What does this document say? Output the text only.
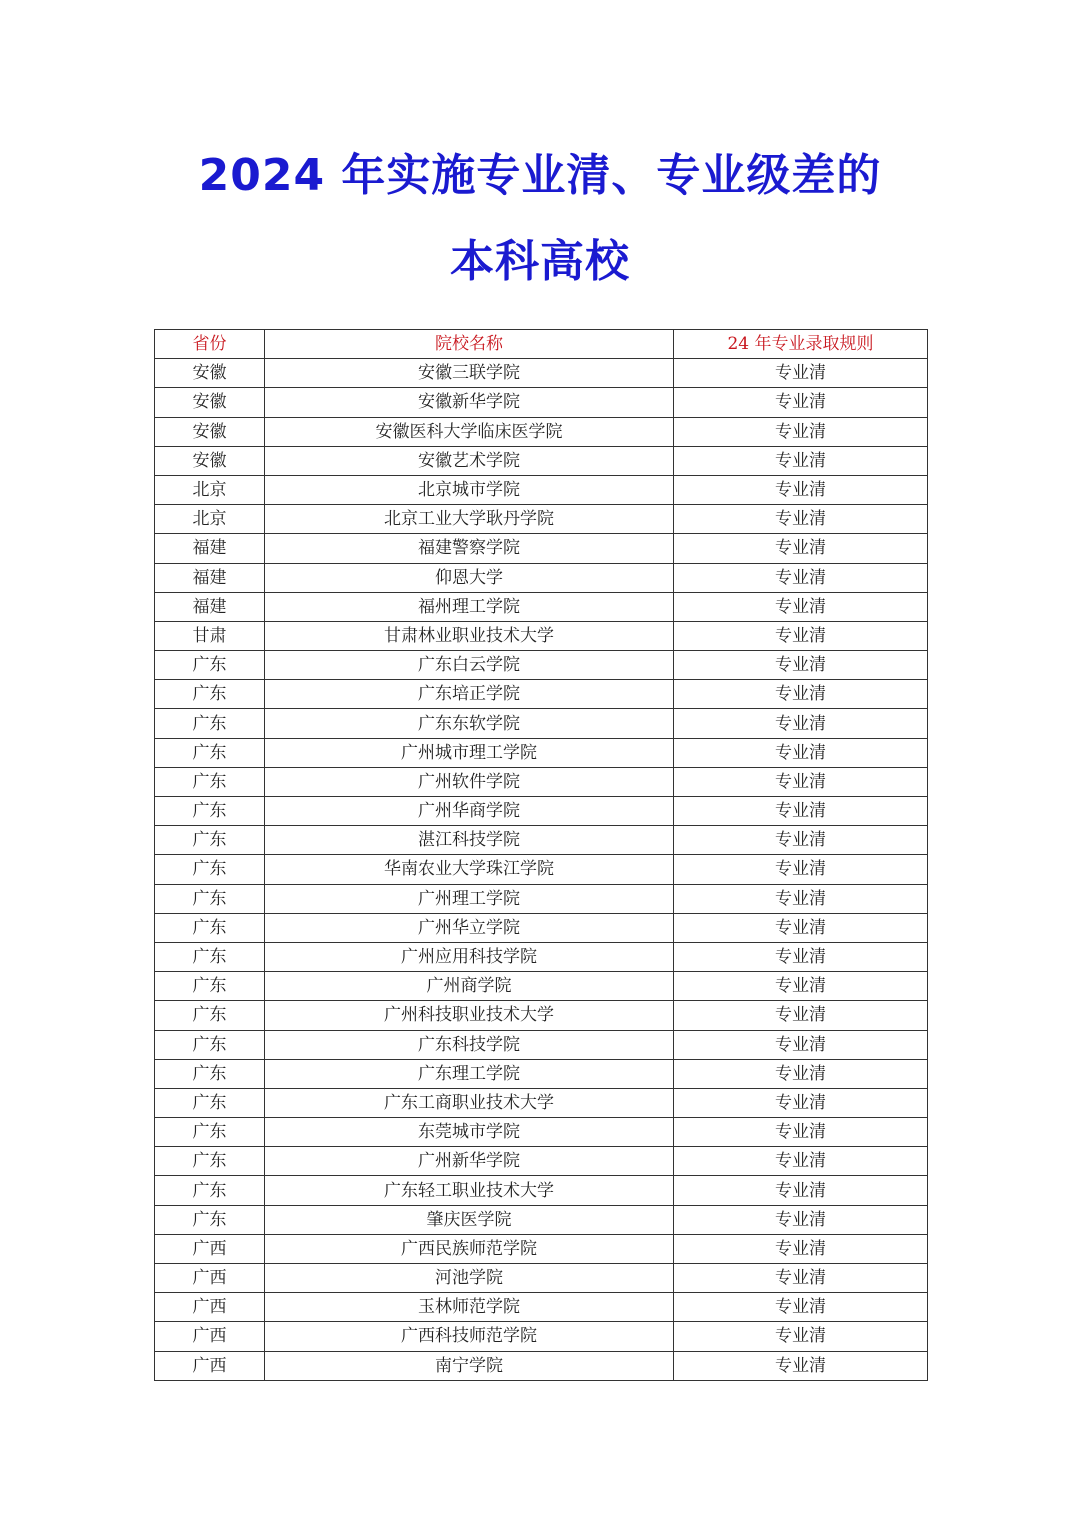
2024 年实施专业清、专业级差的
本科高校
省份	院校名称	24 年专业录取规则
安徽	安徽三联学院	专业清
安徽	安徽新华学院	专业清
安徽	安徽医科大学临床医学院	专业清
安徽	安徽艺术学院	专业清
北京	北京城市学院	专业清
北京	北京工业大学耿丹学院	专业清
福建	福建警察学院	专业清
福建	仰恩大学	专业清
福建	福州理工学院	专业清
甘肃	甘肃林业职业技术大学	专业清
广东	广东白云学院	专业清
广东	广东培正学院	专业清
广东	广东东软学院	专业清
广东	广州城市理工学院	专业清
广东	广州软件学院	专业清
广东	广州华商学院	专业清
广东	湛江科技学院	专业清
广东	华南农业大学珠江学院	专业清
广东	广州理工学院	专业清
广东	广州华立学院	专业清
广东	广州应用科技学院	专业清
广东	广州商学院	专业清
广东	广州科技职业技术大学	专业清
广东	广东科技学院	专业清
广东	广东理工学院	专业清
广东	广东工商职业技术大学	专业清
广东	东莞城市学院	专业清
广东	广州新华学院	专业清
广东	广东轻工职业技术大学	专业清
广东	肇庆医学院	专业清
广西	广西民族师范学院	专业清
广西	河池学院	专业清
广西	玉林师范学院	专业清
广西	广西科技师范学院	专业清
广西	南宁学院	专业清
